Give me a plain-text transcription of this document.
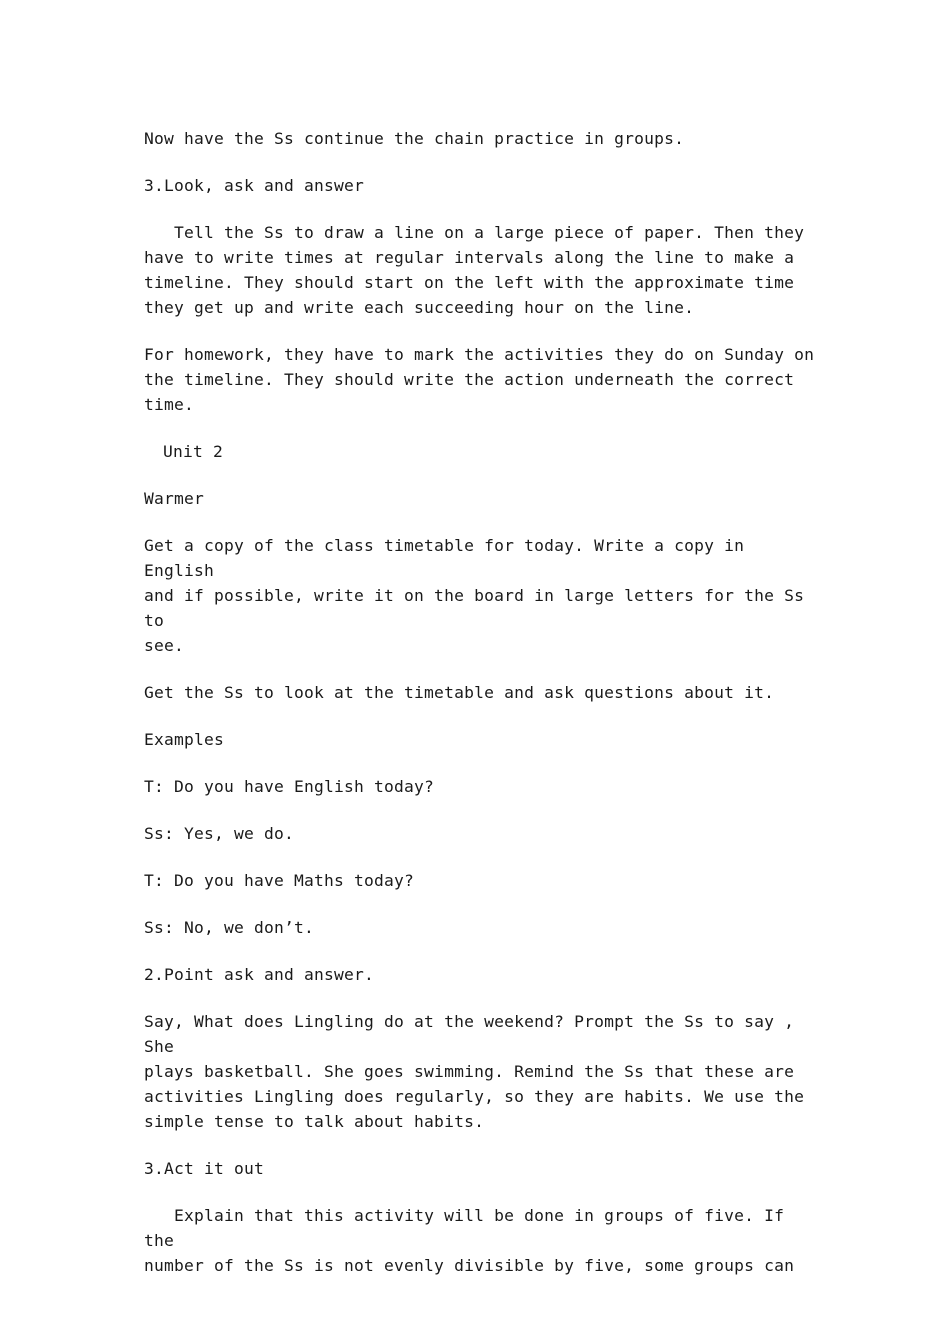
Now have the Ss continue the chain practice in groups.

3.Look, ask and answer

Tell the Ss to draw a line on a large piece of paper. Then they
have to write times at regular intervals along the line to make a
timeline. They should start on the left with the approximate time
they get up and write each succeeding hour on the line.

For homework, they have to mark the activities they do on Sunday on
the timeline. They should write the action underneath the correct
time.

Unit 2

Warmer

Get a copy of the class timetable for today. Write a copy in English
and if possible, write it on the board in large letters for the Ss to
see.

Get the Ss to look at the timetable and ask questions about it.

Examples

T: Do you have English today?

Ss: Yes, we do.

T: Do you have Maths today?

Ss: No, we don’t.

2.Point ask and answer.

Say, What does Lingling do at the weekend? Prompt the Ss to say , She
plays basketball. She goes swimming. Remind the Ss that these are
activities Lingling does regularly, so they are habits. We use the
simple tense to talk about habits.

3.Act it out

Explain that this activity will be done in groups of five. If the
number of the Ss is not evenly divisible by five, some groups can
